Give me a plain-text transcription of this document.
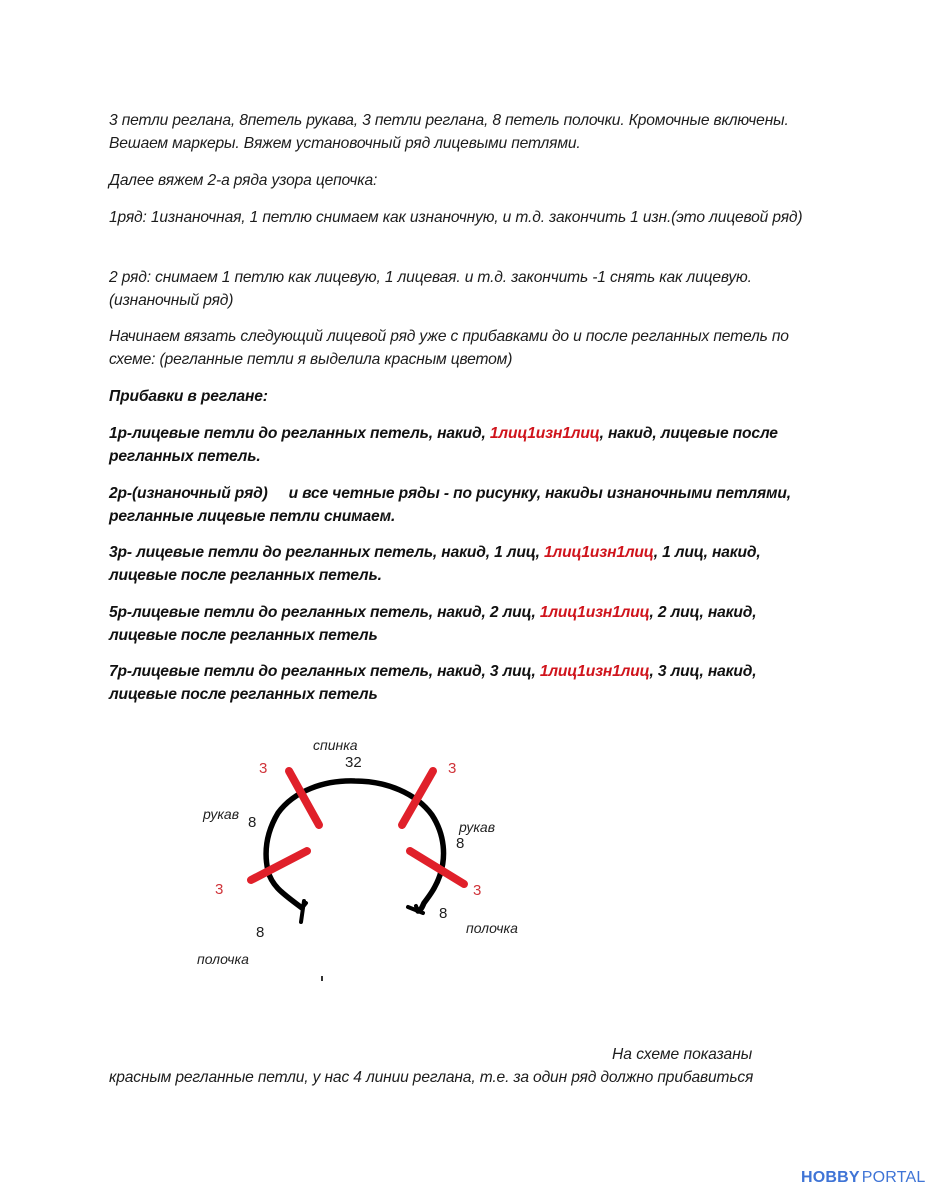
3 петли реглана, 8петель рукава, 3 петли реглана, 8 петель полочки. Кромочные включены. Вешаем маркеры. Вяжем установочный ряд лицевыми петлями.

Далее вяжем 2-а ряда узора цепочка:

1ряд: 1изнаночная, 1 петлю снимаем как изнаночную, и т.д. закончить 1 изн.(это лицевой ряд)

2 ряд: снимаем 1 петлю как лицевую, 1 лицевая. и т.д. закончить -1 снять как лицевую.(изнаночный ряд)

Начинаем вязать следующий лицевой ряд уже с прибавками до и после регланных петель по схеме: (регланные петли я выделила красным цветом)

Прибавки в реглане:

1р-лицевые петли до регланных петель, накид, 1лиц1изн1лиц, накид, лицевые после регланных петель.

2р-(изнаночный ряд)     и все четные ряды - по рисунку, накиды изнаночными петлями, регланные лицевые петли снимаем.

3р- лицевые петли до регланных петель, накид, 1 лиц, 1лиц1изн1лиц, 1 лиц, накид, лицевые после регланных петель.

5р-лицевые петли до регланных петель, накид, 2 лиц, 1лиц1изн1лиц, 2 лиц, накид, лицевые после регланных петель

7р-лицевые петли до регланных петель, накид, 3 лиц, 1лиц1изн1лиц, 3 лиц, накид, лицевые после регланных петель

спинка
32
3	3
рукав 8	рукав
8
3	3
8
полочка
8
полочка
На схеме показаны
красным регланные петли, у нас 4 линии реглана, т.е. за один ряд должно прибавиться
HOBBY PORTAL
